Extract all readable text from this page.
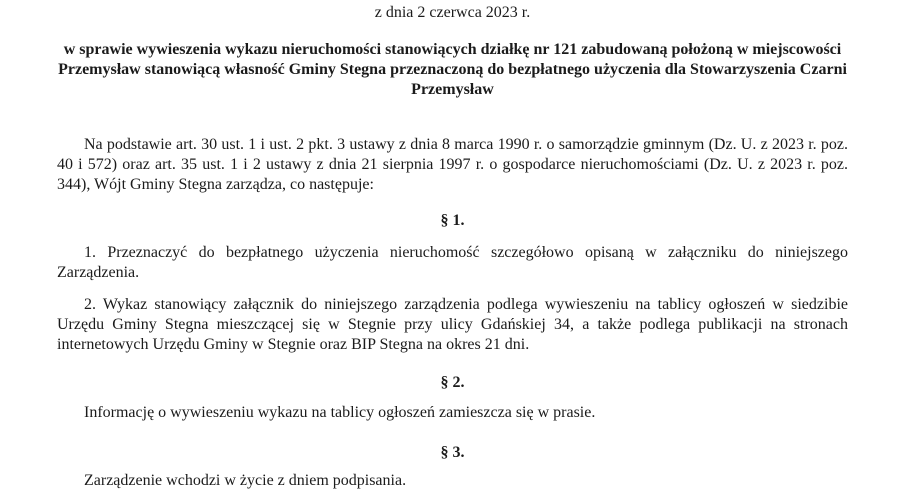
z dnia 2 czerwca 2023 r.
w sprawie wywieszenia wykazu nieruchomości stanowiących działkę nr 121 zabudowaną położoną w miejscowości Przemysław stanowiącą własność Gminy Stegna przeznaczoną do bezpłatnego użyczenia dla Stowarzyszenia Czarni Przemysław

Na podstawie art. 30 ust. 1 i ust. 2 pkt. 3 ustawy z dnia 8 marca 1990 r. o samorządzie gminnym (Dz. U. z 2023 r. poz. 40 i 572) oraz art. 35 ust. 1 i 2 ustawy z dnia 21 sierpnia 1997 r. o gospodarce nieruchomościami (Dz. U. z 2023 r. poz. 344), Wójt Gminy Stegna zarządza, co następuje:

§ 1.

1. Przeznaczyć do bezpłatnego użyczenia nieruchomość szczegółowo opisaną w załączniku do niniejszego Zarządzenia.

2. Wykaz stanowiący załącznik do niniejszego zarządzenia podlega wywieszeniu na tablicy ogłoszeń w siedzibie Urzędu Gminy Stegna mieszczącej się w Stegnie przy ulicy Gdańskiej 34, a także podlega publikacji na stronach internetowych Urzędu Gminy w Stegnie oraz BIP Stegna na okres 21 dni.

§ 2.

Informację o wywieszeniu wykazu na tablicy ogłoszeń zamieszcza się w prasie.

§ 3.

Zarządzenie wchodzi w życie z dniem podpisania.
